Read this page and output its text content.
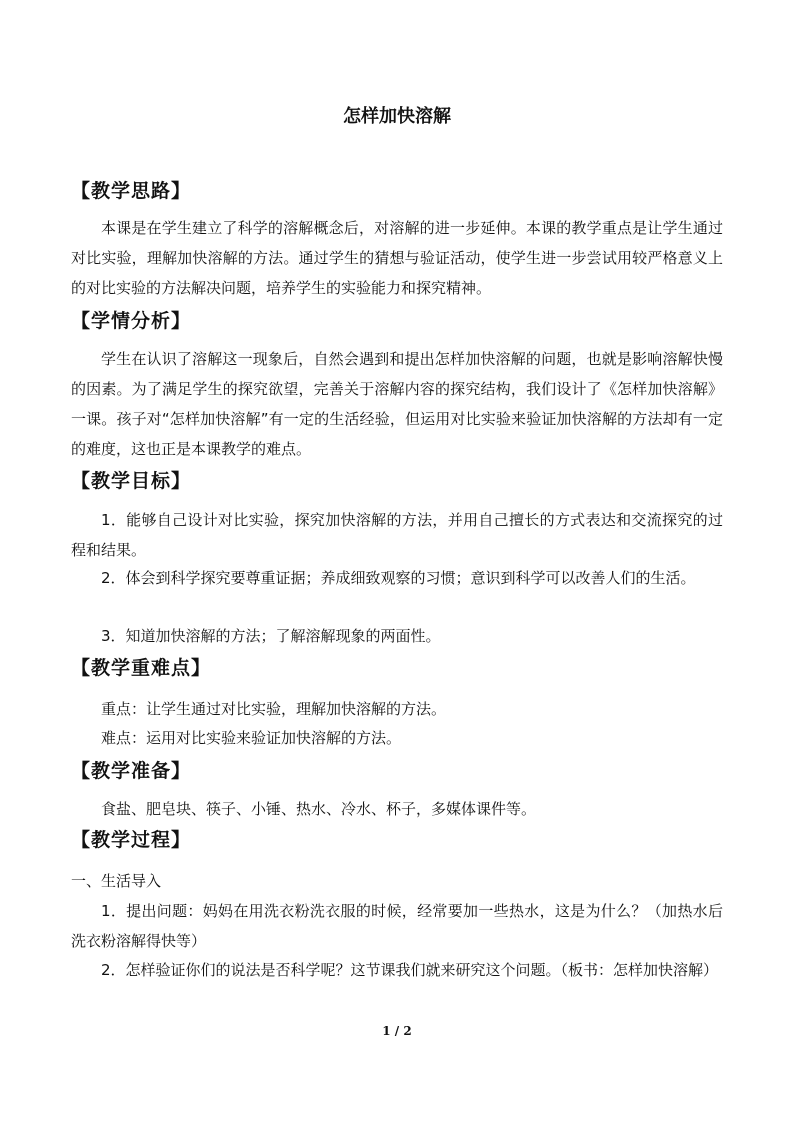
怎样加快溶解
【教学思路】
本课是在学生建立了科学的溶解概念后，对溶解的进一步延伸。本课的教学重点是让学生通过对比实验，理解加快溶解的方法。通过学生的猜想与验证活动，使学生进一步尝试用较严格意义上的对比实验的方法解决问题，培养学生的实验能力和探究精神。
【学情分析】
学生在认识了溶解这一现象后，自然会遇到和提出怎样加快溶解的问题，也就是影响溶解快慢的因素。为了满足学生的探究欲望，完善关于溶解内容的探究结构，我们设计了《怎样加快溶解》一课。孩子对“怎样加快溶解”有一定的生活经验，但运用对比实验来验证加快溶解的方法却有一定的难度，这也正是本课教学的难点。
【教学目标】
1．能够自己设计对比实验，探究加快溶解的方法，并用自己擅长的方式表达和交流探究的过程和结果。
2．体会到科学探究要尊重证据；养成细致观察的习惯；意识到科学可以改善人们的生活。
3．知道加快溶解的方法；了解溶解现象的两面性。
【教学重难点】
重点：让学生通过对比实验，理解加快溶解的方法。
难点：运用对比实验来验证加快溶解的方法。
【教学准备】
食盐、肥皂块、筷子、小锤、热水、冷水、杯子，多媒体课件等。
【教学过程】
一、生活导入
1．提出问题：妈妈在用洗衣粉洗衣服的时候，经常要加一些热水，这是为什么？（加热水后洗衣粉溶解得快等）
2．怎样验证你们的说法是否科学呢？这节课我们就来研究这个问题。（板书：怎样加快溶解）
1 / 2
